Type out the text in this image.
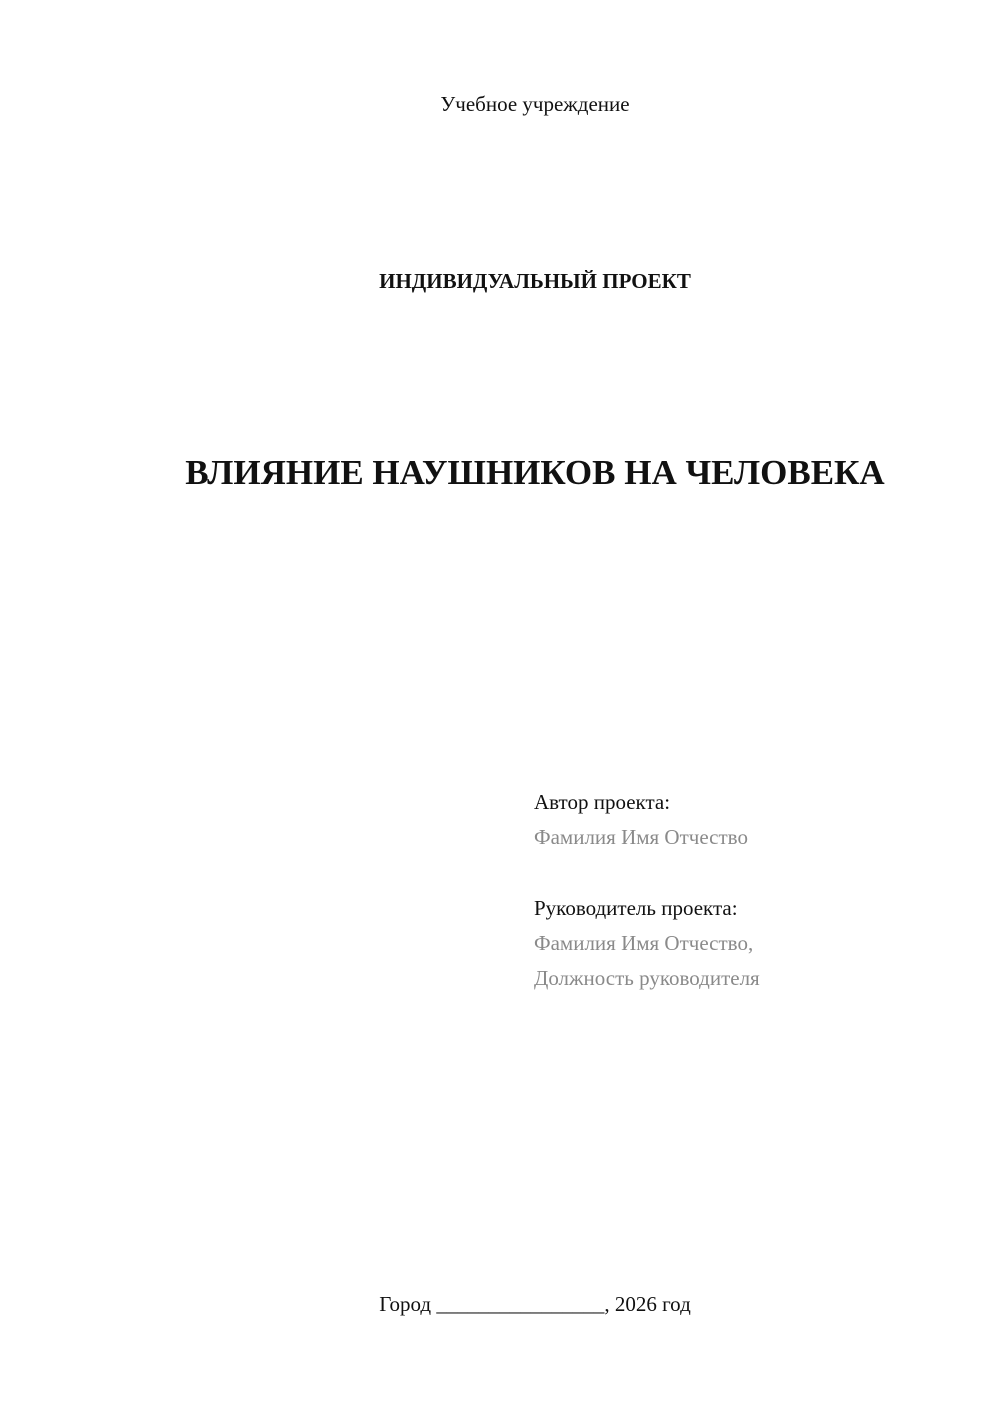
Учебное учреждение
ИНДИВИДУАЛЬНЫЙ ПРОЕКТ
ВЛИЯНИЕ НАУШНИКОВ НА ЧЕЛОВЕКА
Автор проекта:
Фамилия Имя Отчество
Руководитель проекта:
Фамилия Имя Отчество,
Должность руководителя
Город ________________, 2026 год
